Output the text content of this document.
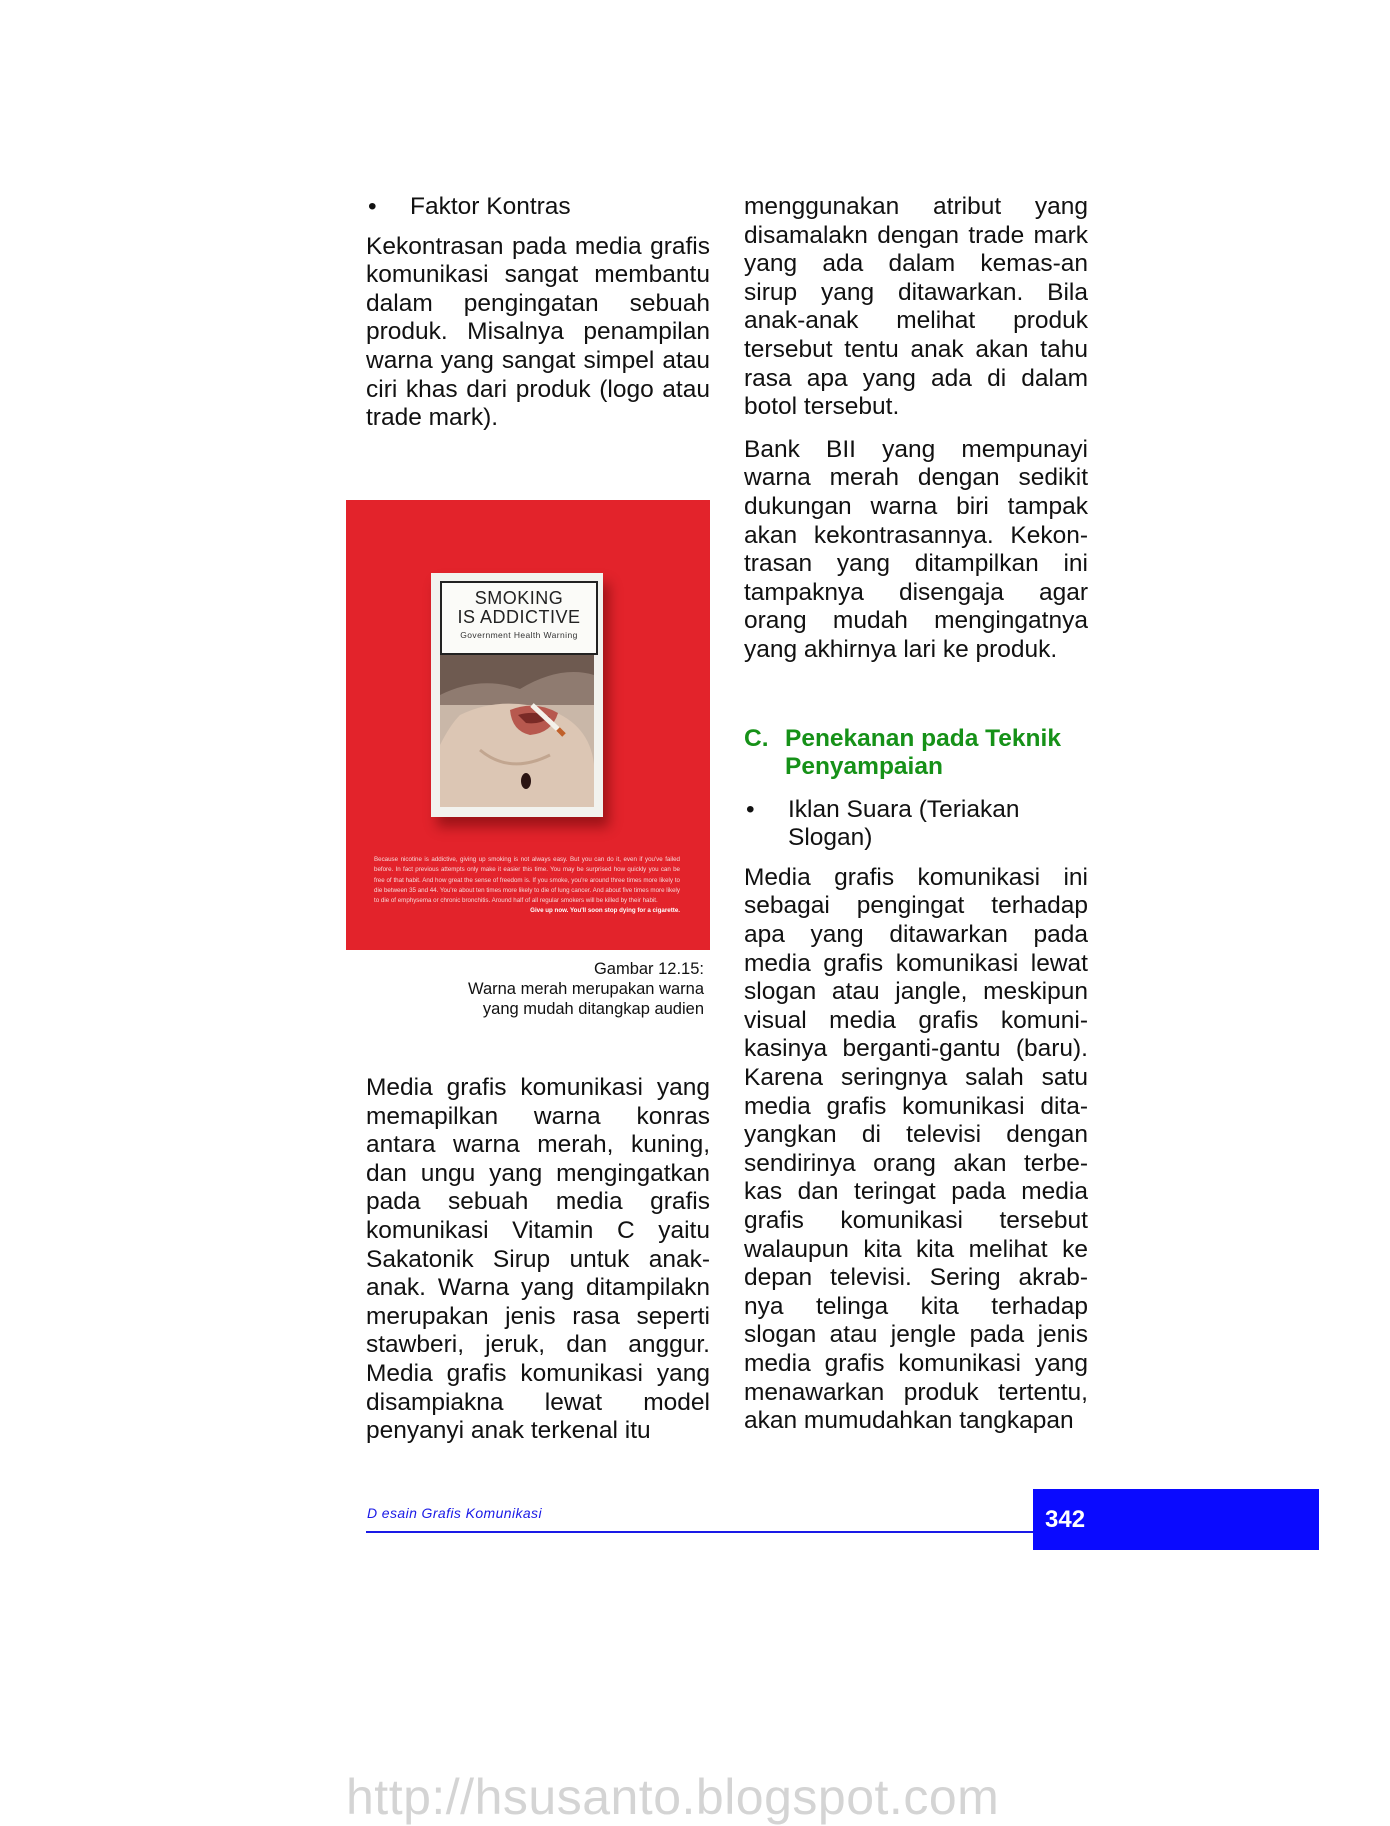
•	Faktor Kontras

Kekontrasan pada media grafis komunikasi sangat membantu dalam pengingatan sebuah produk. Misalnya penampilan warna yang sangat simpel atau ciri khas dari produk (logo atau trade mark).

SMOKING
IS ADDICTIVE
Government Health Warning

Because nicotine is addictive, giving up smoking is not always easy. But you can do it, even if you've failed before. In fact previous attempts only make it easier this time. You may be surprised how quickly you can be free of that habit. And how great the sense of freedom is. If you smoke, you're around three times more likely to die between 35 and 44. You're about ten times more likely to die of lung cancer. And about five times more likely to die of emphysema or chronic bronchitis. Around half of all regular smokers will be killed by their habit.
Give up now. You'll soon stop dying for a cigarette.

Gambar 12.15:
Warna merah merupakan warna
yang mudah ditangkap audien

Media grafis komunikasi yang memapilkan warna konras antara warna merah, kuning, dan ungu yang mengingatkan pada sebuah media grafis komunikasi Vitamin C yaitu Sakatonik Sirup untuk anak-anak. Warna yang ditampilakn merupakan jenis rasa seperti stawberi, jeruk, dan anggur. Media grafis komunikasi yang disampiakna lewat model penyanyi anak terkenal itu

menggunakan atribut yang disamalakn dengan trade mark yang ada dalam kemas-an sirup yang ditawarkan. Bila anak-anak melihat produk tersebut tentu anak akan tahu rasa apa yang ada di dalam botol tersebut.

Bank BII yang mempunayi warna merah dengan sedikit dukungan warna biri tampak akan kekontrasannya. Kekon-trasan yang ditampilkan ini tampaknya disengaja agar orang mudah mengingatnya yang akhirnya lari ke produk.

C. Penekanan pada Teknik Penyampaian
•	Iklan Suara (Teriakan Slogan)

Media grafis komunikasi ini sebagai pengingat terhadap apa yang ditawarkan pada media grafis komunikasi lewat slogan atau jangle, meskipun visual media grafis komuni-kasinya berganti-gantu (baru). Karena seringnya salah satu media grafis komunikasi dita-yangkan di televisi dengan sendirinya orang akan terbe-kas dan teringat pada media grafis komunikasi tersebut walaupun kita kita melihat ke depan televisi. Sering akrab-nya telinga kita terhadap slogan atau jengle pada jenis media grafis komunikasi yang menawarkan produk tertentu, akan mumudahkan tangkapan

D esain Grafis Komunikasi	342
http://hsusanto.blogspot.com
